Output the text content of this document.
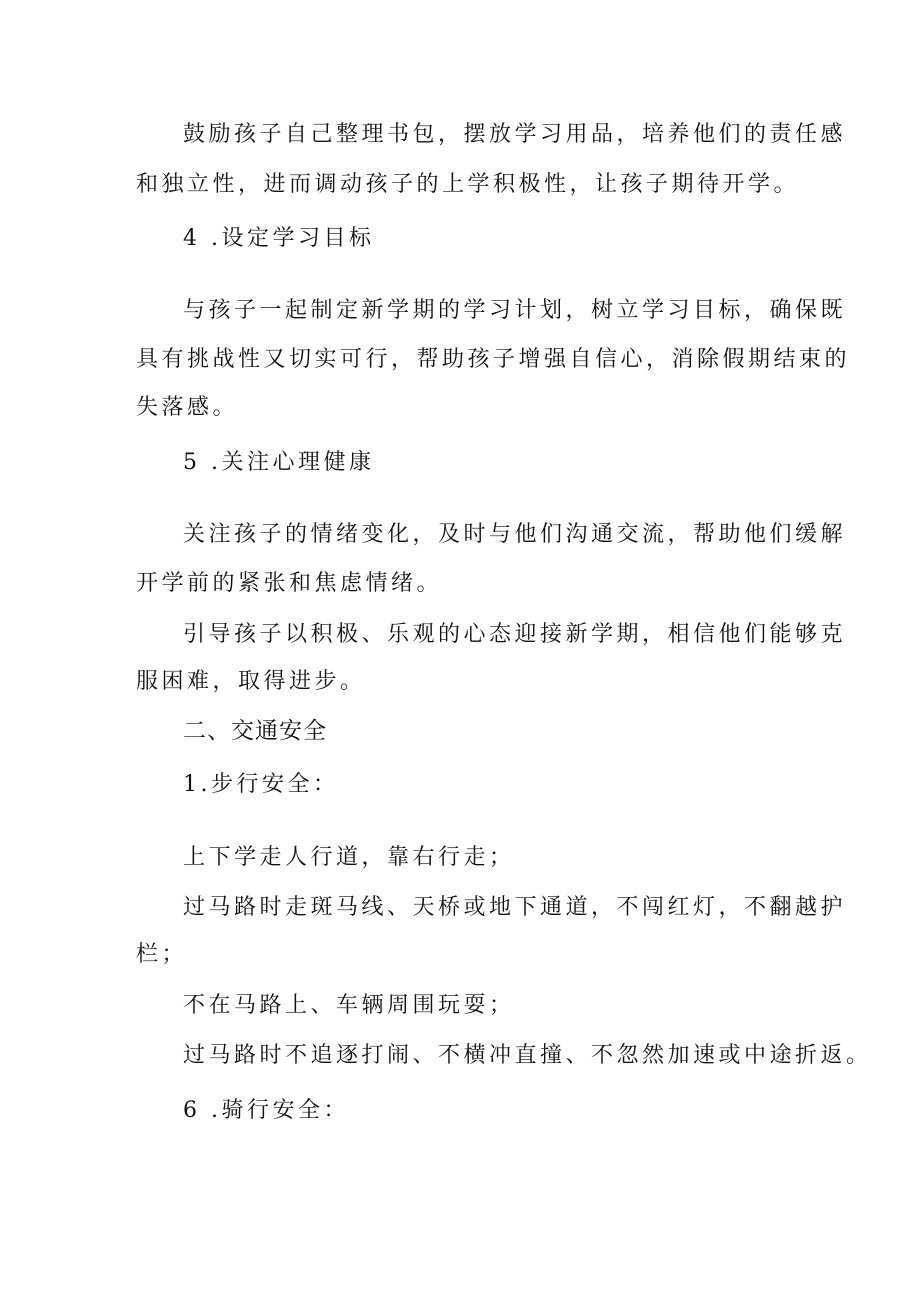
鼓励孩子自己整理书包，摆放学习用品，培养他们的责任感
和独立性，进而调动孩子的上学积极性，让孩子期待开学。
4 .设定学习目标
与孩子一起制定新学期的学习计划，树立学习目标，确保既
具有挑战性又切实可行，帮助孩子增强自信心，消除假期结束的
失落感。
5 .关注心理健康
关注孩子的情绪变化，及时与他们沟通交流，帮助他们缓解
开学前的紧张和焦虑情绪。
引导孩子以积极、乐观的心态迎接新学期，相信他们能够克
服困难，取得进步。
二、交通安全
1.步行安全：
上下学走人行道，靠右行走；
过马路时走斑马线、天桥或地下通道，不闯红灯，不翻越护
栏；
不在马路上、车辆周围玩耍；
过马路时不追逐打闹、不横冲直撞、不忽然加速或中途折返。
6 .骑行安全：
